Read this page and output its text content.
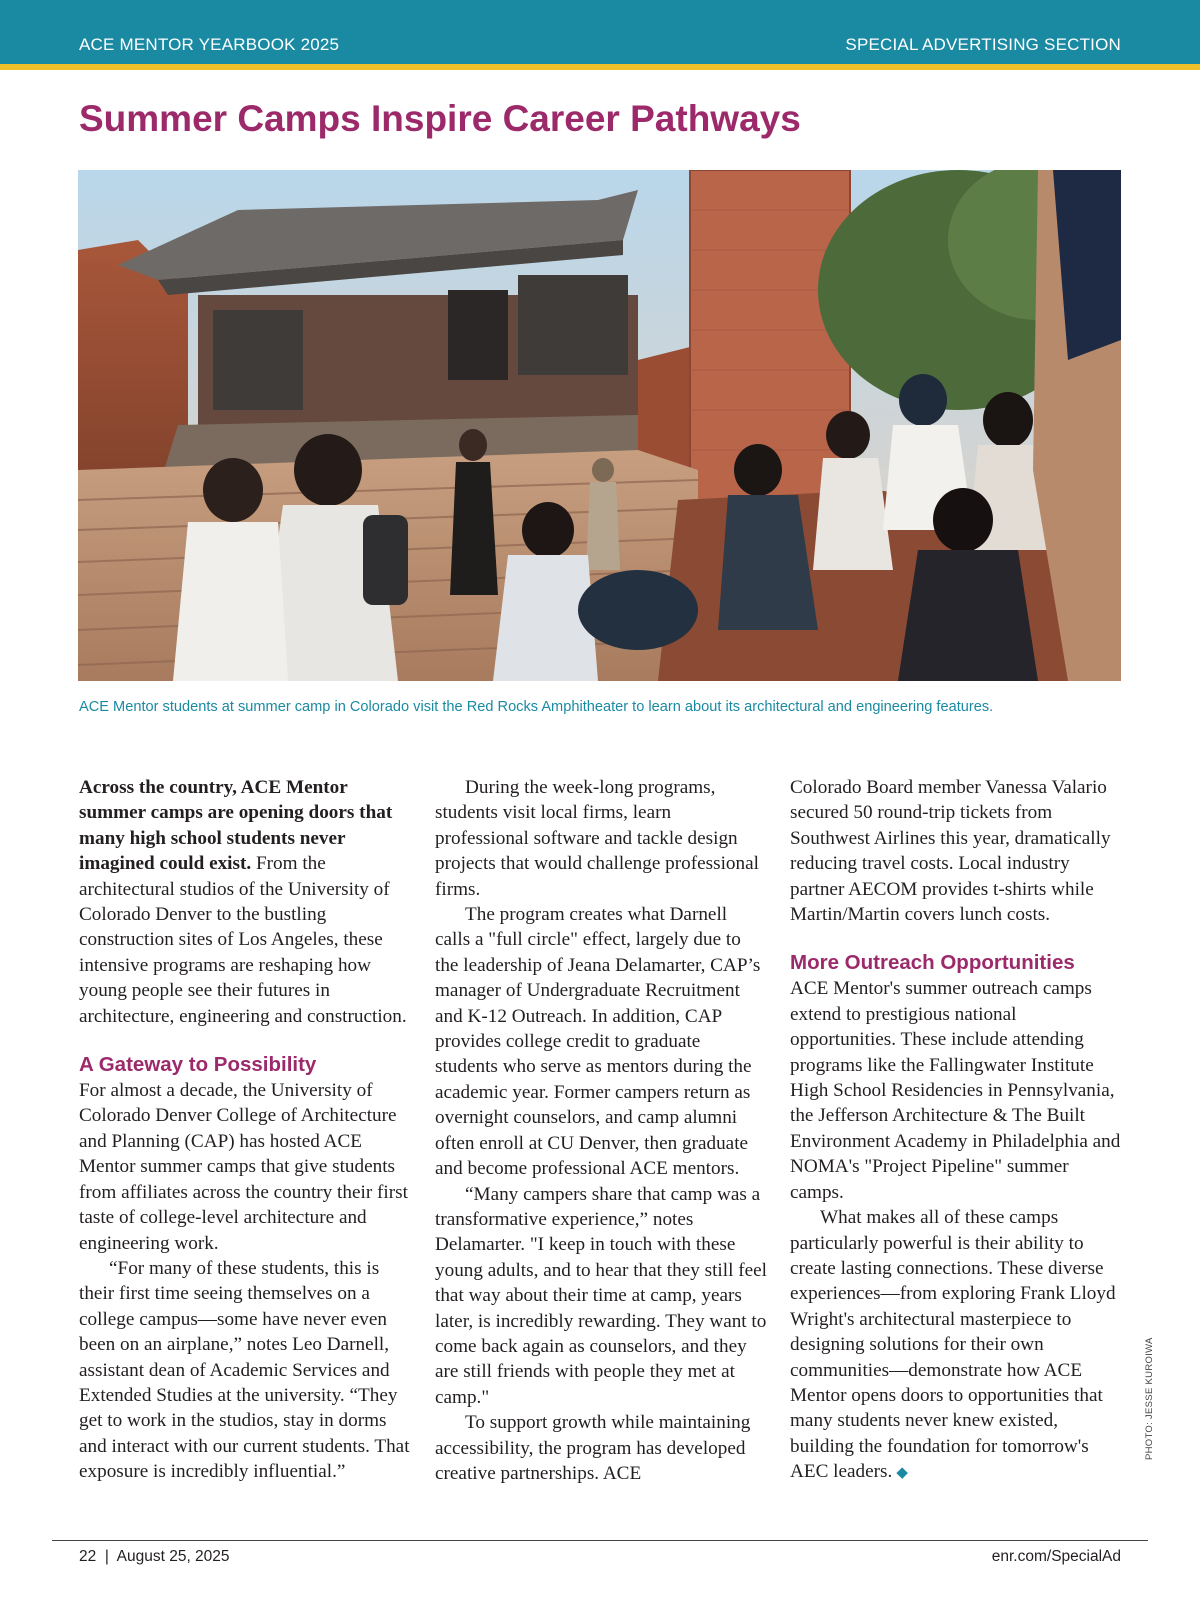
ACE MENTOR YEARBOOK 2025	SPECIAL ADVERTISING SECTION
Summer Camps Inspire Career Pathways

ACE Mentor students at summer camp in Colorado visit the Red Rocks Amphitheater to learn about its architectural and engineering features.

Across the country, ACE Mentor summer camps are opening doors that many high school students never imagined could exist. From the architectural studios of the University of Colorado Denver to the bustling construction sites of Los Angeles, these intensive programs are reshaping how young people see their futures in architecture, engineering and construction.

A Gateway to Possibility

For almost a decade, the University of Colorado Denver College of Architecture and Planning (CAP) has hosted ACE Mentor summer camps that give students from affiliates across the country their first taste of college-level architecture and engineering work.

“For many of these students, this is their first time seeing themselves on a college campus—some have never even been on an airplane,” notes Leo Darnell, assistant dean of Academic Services and Extended Studies at the university. “They get to work in the studios, stay in dorms and interact with our current students. That exposure is incredibly influential.”

During the week-long programs, students visit local firms, learn professional software and tackle design projects that would challenge professional firms.

The program creates what Darnell calls a "full circle" effect, largely due to the leadership of Jeana Delamarter, CAP’s manager of Undergraduate Recruitment and K-12 Outreach. In addition, CAP provides college credit to graduate students who serve as mentors during the academic year. Former campers return as overnight counselors, and camp alumni often enroll at CU Denver, then graduate and become professional ACE mentors.

“Many campers share that camp was a transformative experience,” notes Delamarter. "I keep in touch with these young adults, and to hear that they still feel that way about their time at camp, years later, is incredibly rewarding. They want to come back again as counselors, and they are still friends with people they met at camp."

To support growth while maintaining accessibility, the program has developed creative partnerships. ACE

Colorado Board member Vanessa Valario secured 50 round-trip tickets from Southwest Airlines this year, dramatically reducing travel costs. Local industry partner AECOM provides t-shirts while Martin/Martin covers lunch costs.

More Outreach Opportunities

ACE Mentor's summer outreach camps extend to prestigious national opportunities. These include attending programs like the Fallingwater Institute High School Residencies in Pennsylvania, the Jefferson Architecture & The Built Environment Academy in Philadelphia and NOMA's "Project Pipeline" summer camps.

What makes all of these camps particularly powerful is their ability to create lasting connections. These diverse experiences—from exploring Frank Lloyd Wright's architectural masterpiece to designing solutions for their own communities—demonstrate how ACE Mentor opens doors to opportunities that many students never knew existed, building the foundation for tomorrow's AEC leaders. ◆

PHOTO: JESSE KUROIWA
22  |  August 25, 2025	enr.com/SpecialAd
